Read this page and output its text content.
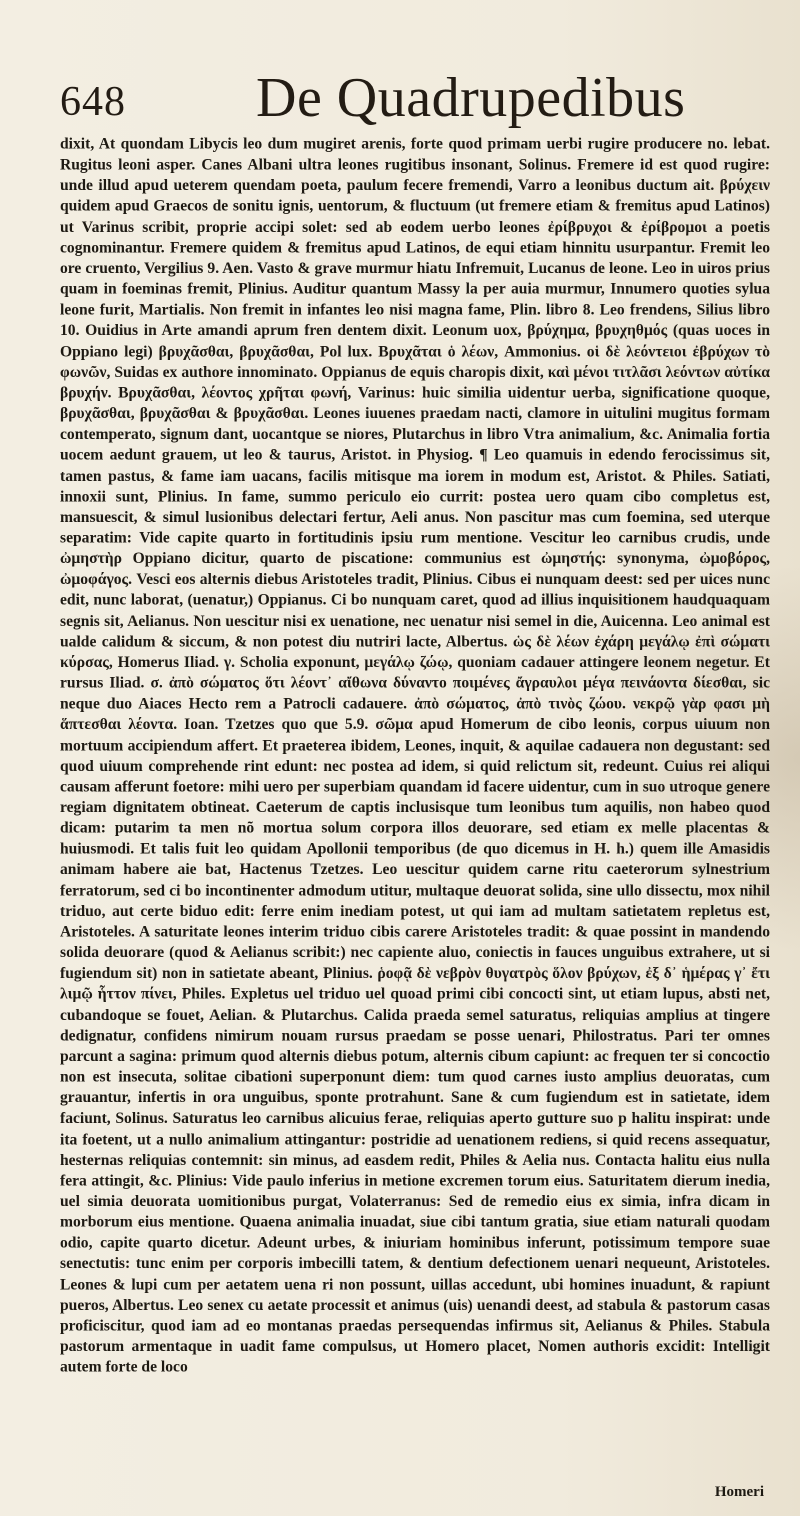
648 De Quadrupedibus

dixit, At quondam Libycis leo dum mugiret arenis, forte quod primam uerbi rugire producere no. lebat. Rugitus leoni asper. Canes Albani ultra leones rugitibus insonant, Solinus. Fremere id est quod rugire: unde illud apud ueterem quendam poeta, paulum fecere fremendi, Varro a leonibus ductum ait. βρύχειν quidem apud Graecos de sonitu ignis, uentorum, & fluctuum (ut fremere etiam & fremitus apud Latinos) ut Varinus scribit, proprie accipi solet: sed ab eodem uerbo leones ἐρίβρυχοι & ἐρίβρομοι a poetis cognominantur. Fremere quidem & fremitus apud Latinos, de equi etiam hinnitu usurpantur. Fremit leo ore cruento, Vergilius 9. Aen. Vasto & grave murmur hiatu Infremuit, Lucanus de leone. Leo in uiros prius quam in foeminas fremit, Plinius. Auditur quantum Massy la per auia murmur, Innumero quoties sylua leone furit, Martialis. Non fremit in infantes leo nisi magna fame, Plin. libro 8. Leo frendens, Silius libro 10. Ouidius in Arte amandi aprum fren dentem dixit. Leonum uox, βρύχημα, βρυχηθμός (quas uoces in Oppiano legi) βρυχᾶσθαι, βρυχᾶσθαι, Pol lux. Βρυχᾶται ὁ λέων, Ammonius. οἱ δὲ λεόντειοι ἐβρύχων τὸ φωνῶν, Suidas ex authore innominato. Oppianus de equis charopis dixit, καὶ μένοι τιτλᾶσι λεόντων αὐτίκα βρυχήν. Βρυχᾶσθαι, λέοντος χρῆται φωνή, Varinus: huic similia uidentur uerba, significatione quoque, βρυχᾶσθαι, βρυχᾶσθαι & βρυχᾶσθαι. Leones iuuenes praedam nacti, clamore in uitulini mugitus formam contemperato, signum dant, uocantque se niores, Plutarchus in libro Vtra animalium, &c. Animalia fortia uocem aedunt grauem, ut leo & taurus, Aristot. in Physiog. ¶ Leo quamuis in edendo ferocissimus sit, tamen pastus, & fame iam uacans, facilis mitisque ma iorem in modum est, Aristot. & Philes. Satiati, innoxii sunt, Plinius. In fame, summo periculo eio currit: postea uero quam cibo completus est, mansuescit, & simul lusionibus delectari fertur, Aeli anus. Non pascitur mas cum foemina, sed uterque separatim: Vide capite quarto in fortitudinis ipsiu rum mentione. Vescitur leo carnibus crudis, unde ὠμηστὴρ Oppiano dicitur, quarto de piscatione: communius est ὠμηστής: synonyma, ὠμοβόρος, ὠμοφάγος. Vesci eos alternis diebus Aristoteles tradit, Plinius. Cibus ei nunquam deest: sed per uices nunc edit, nunc laborat, (uenatur,) Oppianus. Ci bo nunquam caret, quod ad illius inquisitionem haudquaquam segnis sit, Aelianus. Non uescitur nisi ex uenatione, nec uenatur nisi semel in die, Auicenna. Leo animal est ualde calidum & siccum, & non potest diu nutriri lacte, Albertus. ὡς δὲ λέων ἐχάρη μεγάλῳ ἐπὶ σώματι κύρσας, Homerus Iliad. γ. Scholia exponunt, μεγάλῳ ζώῳ, quoniam cadauer attingere leonem negetur. Et rursus Iliad. σ. ἀπὸ σώματος ὅτι λέοντ᾽ αἴθωνα δύναντο ποιμένες ἄγραυλοι μέγα πεινάοντα δίεσθαι, sic neque duo Aiaces Hecto rem a Patrocli cadauere. ἀπὸ σώματος, ἀπὸ τινὸς ζώου. νεκρῷ γὰρ φασι μὴ ἅπτεσθαι λέοντα. Ioan. Tzetzes quo que 5.9. σῶμα apud Homerum de cibo leonis, corpus uiuum non mortuum accipiendum affert. Et praeterea ibidem, Leones, inquit, & aquilae cadauera non degustant: sed quod uiuum comprehende rint edunt: nec postea ad idem, si quid relictum sit, redeunt. Cuius rei aliqui causam afferunt foetore: mihi uero per superbiam quandam id facere uidentur, cum in suo utroque genere regiam dignitatem obtineat. Caeterum de captis inclusisque tum leonibus tum aquilis, non habeo quod dicam: putarim ta men nõ mortua solum corpora illos deuorare, sed etiam ex melle placentas & huiusmodi. Et talis fuit leo quidam Apollonii temporibus (de quo dicemus in H. h.) quem ille Amasidis animam habere aie bat, Hactenus Tzetzes. Leo uescitur quidem carne ritu caeterorum sylnestrium ferratorum, sed ci bo incontinenter admodum utitur, multaque deuorat solida, sine ullo dissectu, mox nihil triduo, aut certe biduo edit: ferre enim inediam potest, ut qui iam ad multam satietatem repletus est, Aristoteles. A saturitate leones interim triduo cibis carere Aristoteles tradit: & quae possint in mandendo solida deuorare (quod & Aelianus scribit:) nec capiente aluo, coniectis in fauces unguibus extrahere, ut si fugiendum sit) non in satietate abeant, Plinius. ῥοφᾷ δὲ νεβρὸν θυγατρὸς ὅλον βρύχων, ἐξ δ᾽ ἡμέρας γ᾽ ἔτι λιμῷ ἧττον πίνει, Philes. Expletus uel triduo uel quoad primi cibi concocti sint, ut etiam lupus, absti net, cubandoque se fouet, Aelian. & Plutarchus. Calida praeda semel saturatus, reliquias amplius at tingere dedignatur, confidens nimirum nouam rursus praedam se posse uenari, Philostratus. Pari ter omnes parcunt a sagina: primum quod alternis diebus potum, alternis cibum capiunt: ac frequen ter si concoctio non est insecuta, solitae cibationi superponunt diem: tum quod carnes iusto amplius deuoratas, cum grauantur, infertis in ora unguibus, sponte protrahunt. Sane & cum fugiendum est in satietate, idem faciunt, Solinus. Saturatus leo carnibus alicuius ferae, reliquias aperto gutture suo p halitu inspirat: unde ita foetent, ut a nullo animalium attingantur: postridie ad uenationem rediens, si quid recens assequatur, hesternas reliquias contemnit: sin minus, ad easdem redit, Philes & Aelia nus. Contacta halitu eius nulla fera attingit, &c. Plinius: Vide paulo inferius in metione excremen torum eius. Saturitatem dierum inedia, uel simia deuorata uomitionibus purgat, Volaterranus: Sed de remedio eius ex simia, infra dicam in morborum eius mentione. Quaena animalia inuadat, siue cibi tantum gratia, siue etiam naturali quodam odio, capite quarto dicetur. Adeunt urbes, & iniuriam hominibus inferunt, potissimum tempore suae senectutis: tunc enim per corporis imbecilli tatem, & dentium defectionem uenari nequeunt, Aristoteles. Leones & lupi cum per aetatem uena ri non possunt, uillas accedunt, ubi homines inuadunt, & rapiunt pueros, Albertus. Leo senex cu aetate processit et animus (uis) uenandi deest, ad stabula & pastorum casas proficiscitur, quod iam ad eo montanas praedas persequendas infirmus sit, Aelianus & Philes. Stabula pastorum armentaque in uadit fame compulsus, ut Homero placet, Nomen authoris excidit: Intelligit autem forte de loco

Homeri
